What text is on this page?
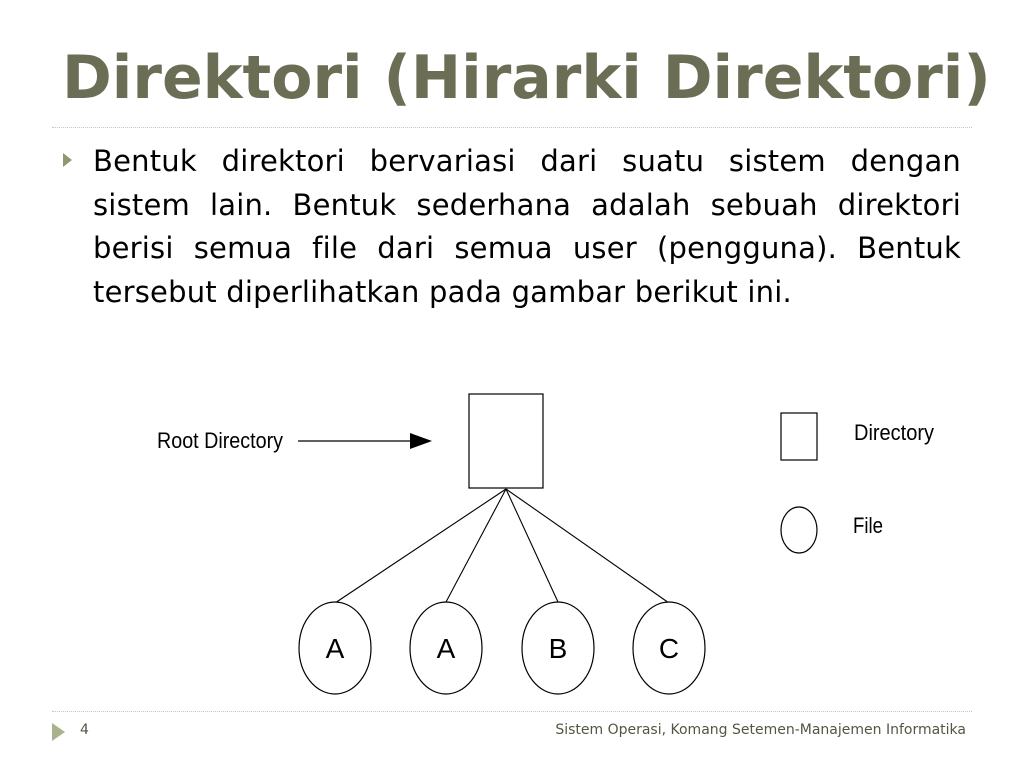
Direktori (Hirarki Direktori)
Bentuk direktori bervariasi dari suatu sistem dengan sistem lain. Bentuk sederhana adalah sebuah direktori berisi semua file dari semua user (pengguna). Bentuk tersebut diperlihatkan pada gambar berikut ini.
Root Directory
A	A	B	C
Directory
File
4	Sistem Operasi, Komang Setemen-Manajemen Informatika
